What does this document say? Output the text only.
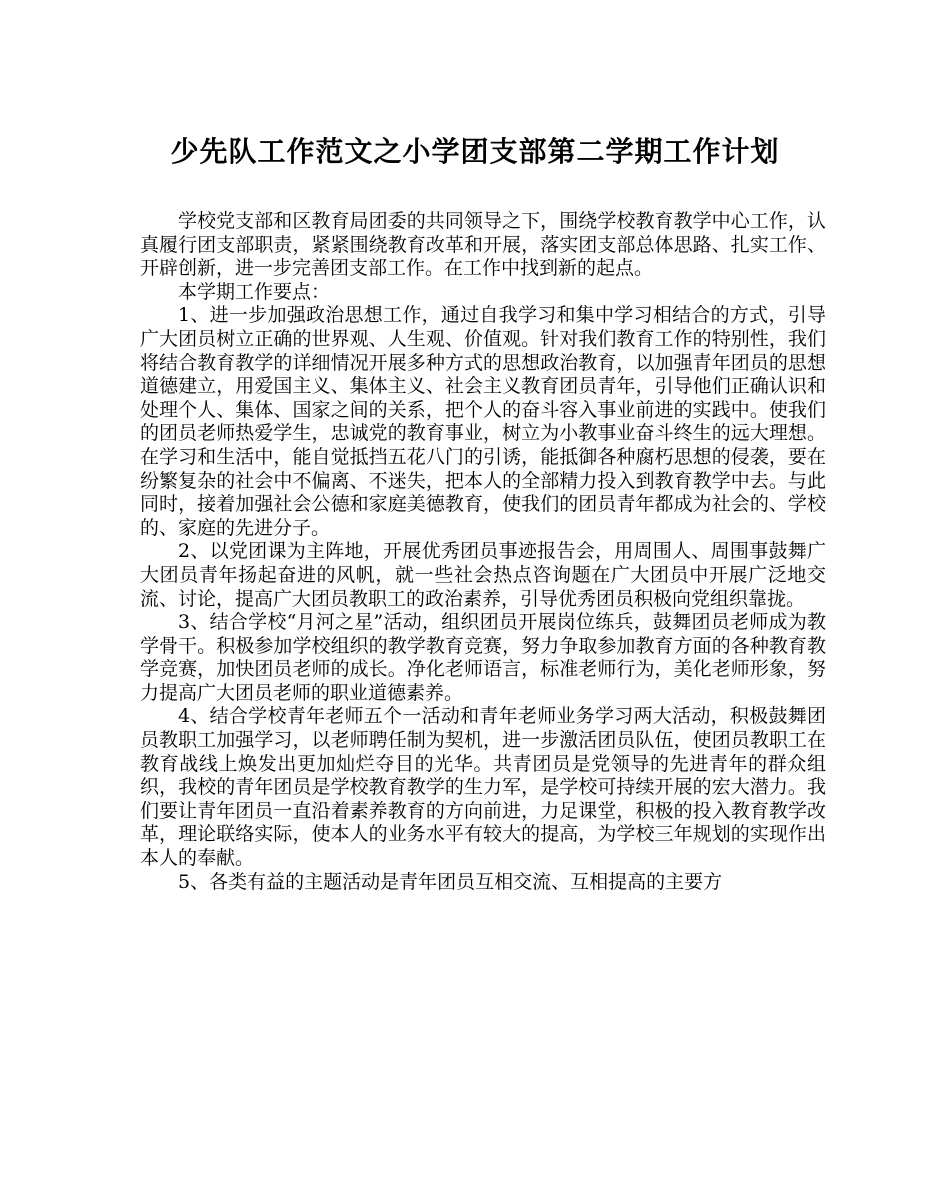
少先队工作范文之小学团支部第二学期工作计划

学校党支部和区教育局团委的共同领导之下，围绕学校教育教学中心工作，认真履行团支部职责，紧紧围绕教育改革和开展，落实团支部总体思路、扎实工作、开辟创新，进一步完善团支部工作。在工作中找到新的起点。

本学期工作要点：

1、进一步加强政治思想工作，通过自我学习和集中学习相结合的方式，引导广大团员树立正确的世界观、人生观、价值观。针对我们教育工作的特别性，我们将结合教育教学的详细情况开展多种方式的思想政治教育，以加强青年团员的思想道德建立，用爱国主义、集体主义、社会主义教育团员青年，引导他们正确认识和处理个人、集体、国家之间的关系，把个人的奋斗容入事业前进的实践中。使我们的团员老师热爱学生，忠诚党的教育事业，树立为小教事业奋斗终生的远大理想。在学习和生活中，能自觉抵挡五花八门的引诱，能抵御各种腐朽思想的侵袭，要在纷繁复杂的社会中不偏离、不迷失，把本人的全部精力投入到教育教学中去。与此同时，接着加强社会公德和家庭美德教育，使我们的团员青年都成为社会的、学校的、家庭的先进分子。

2、以党团课为主阵地，开展优秀团员事迹报告会，用周围人、周围事鼓舞广大团员青年扬起奋进的风帆，就一些社会热点咨询题在广大团员中开展广泛地交流、讨论，提高广大团员教职工的政治素养，引导优秀团员积极向党组织靠拢。

3、结合学校“月河之星”活动，组织团员开展岗位练兵，鼓舞团员老师成为教学骨干。积极参加学校组织的教学教育竞赛，努力争取参加教育方面的各种教育教学竞赛，加快团员老师的成长。净化老师语言，标准老师行为，美化老师形象，努力提高广大团员老师的职业道德素养。

4、结合学校青年老师五个一活动和青年老师业务学习两大活动，积极鼓舞团员教职工加强学习，以老师聘任制为契机，进一步激活团员队伍，使团员教职工在教育战线上焕发出更加灿烂夺目的光华。共青团员是党领导的先进青年的群众组织，我校的青年团员是学校教育教学的生力军，是学校可持续开展的宏大潜力。我们要让青年团员一直沿着素养教育的方向前进，力足课堂，积极的投入教育教学改革，理论联络实际，使本人的业务水平有较大的提高，为学校三年规划的实现作出本人的奉献。

5、各类有益的主题活动是青年团员互相交流、互相提高的主要方
